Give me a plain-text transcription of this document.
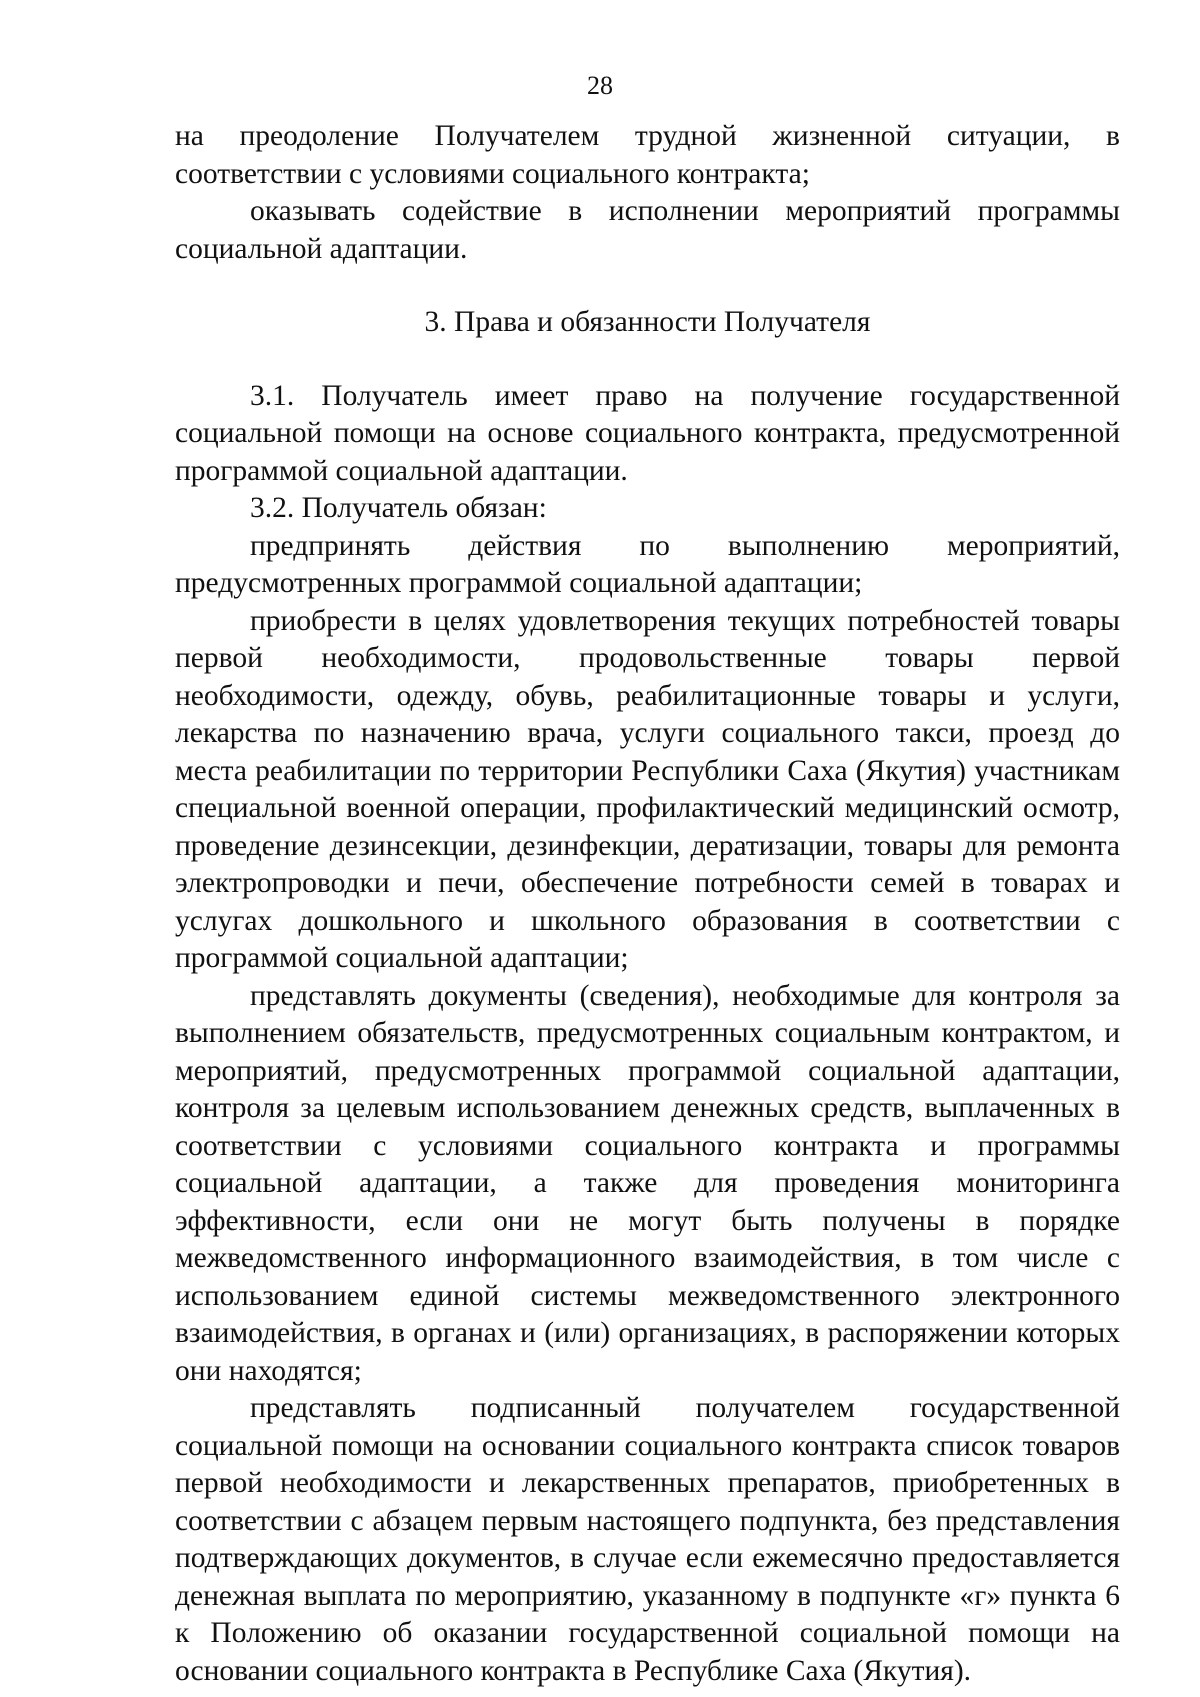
28

на преодоление Получателем трудной жизненной ситуации, в соответствии с условиями социального контракта;

оказывать содействие в исполнении мероприятий программы социальной адаптации.

3. Права и обязанности Получателя

3.1. Получатель имеет право на получение государственной социальной помощи на основе социального контракта, предусмотренной программой социальной адаптации.

3.2. Получатель обязан:

предпринять действия по выполнению мероприятий, предусмотренных программой социальной адаптации;

приобрести в целях удовлетворения текущих потребностей товары первой необходимости, продовольственные товары первой необходимости, одежду, обувь, реабилитационные товары и услуги, лекарства по назначению врача, услуги социального такси, проезд до места реабилитации по территории Республики Саха (Якутия) участникам специальной военной операции, профилактический медицинский осмотр, проведение дезинсекции, дезинфекции, дератизации, товары для ремонта электропроводки и печи, обеспечение потребности семей в товарах и услугах дошкольного и школьного образования в соответствии с программой социальной адаптации;

представлять документы (сведения), необходимые для контроля за выполнением обязательств, предусмотренных социальным контрактом, и мероприятий, предусмотренных программой социальной адаптации, контроля за целевым использованием денежных средств, выплаченных в соответствии с условиями социального контракта и программы социальной адаптации, а также для проведения мониторинга эффективности, если они не могут быть получены в порядке межведомственного информационного взаимодействия, в том числе с использованием единой системы межведомственного электронного взаимодействия, в органах и (или) организациях, в распоряжении которых они находятся;

представлять подписанный получателем государственной социальной помощи на основании социального контракта список товаров первой необходимости и лекарственных препаратов, приобретенных в соответствии с абзацем первым настоящего подпункта, без представления подтверждающих документов, в случае если ежемесячно предоставляется денежная выплата по мероприятию, указанному в подпункте «г» пункта 6 к Положению об оказании государственной социальной помощи на основании социального контракта в Республике Саха (Якутия).
